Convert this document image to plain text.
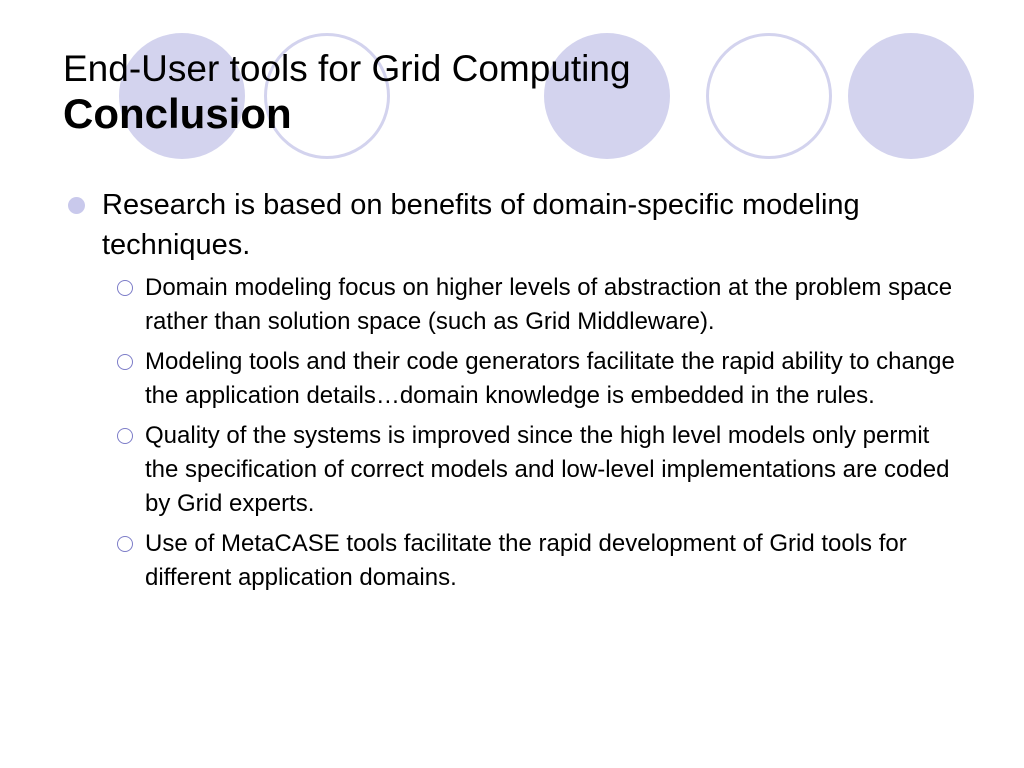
End-User tools for Grid Computing
Conclusion
Research is based on benefits of domain-specific modeling techniques.
Domain modeling focus on higher levels of abstraction at the problem space rather than solution space (such as Grid Middleware).
Modeling tools and their code generators facilitate the rapid ability to change the application details…domain knowledge is embedded in the rules.
Quality of the systems is improved since the high level models only permit the specification of correct models and low-level implementations are coded by Grid experts.
Use of MetaCASE tools facilitate the rapid development of Grid tools for different application domains.
